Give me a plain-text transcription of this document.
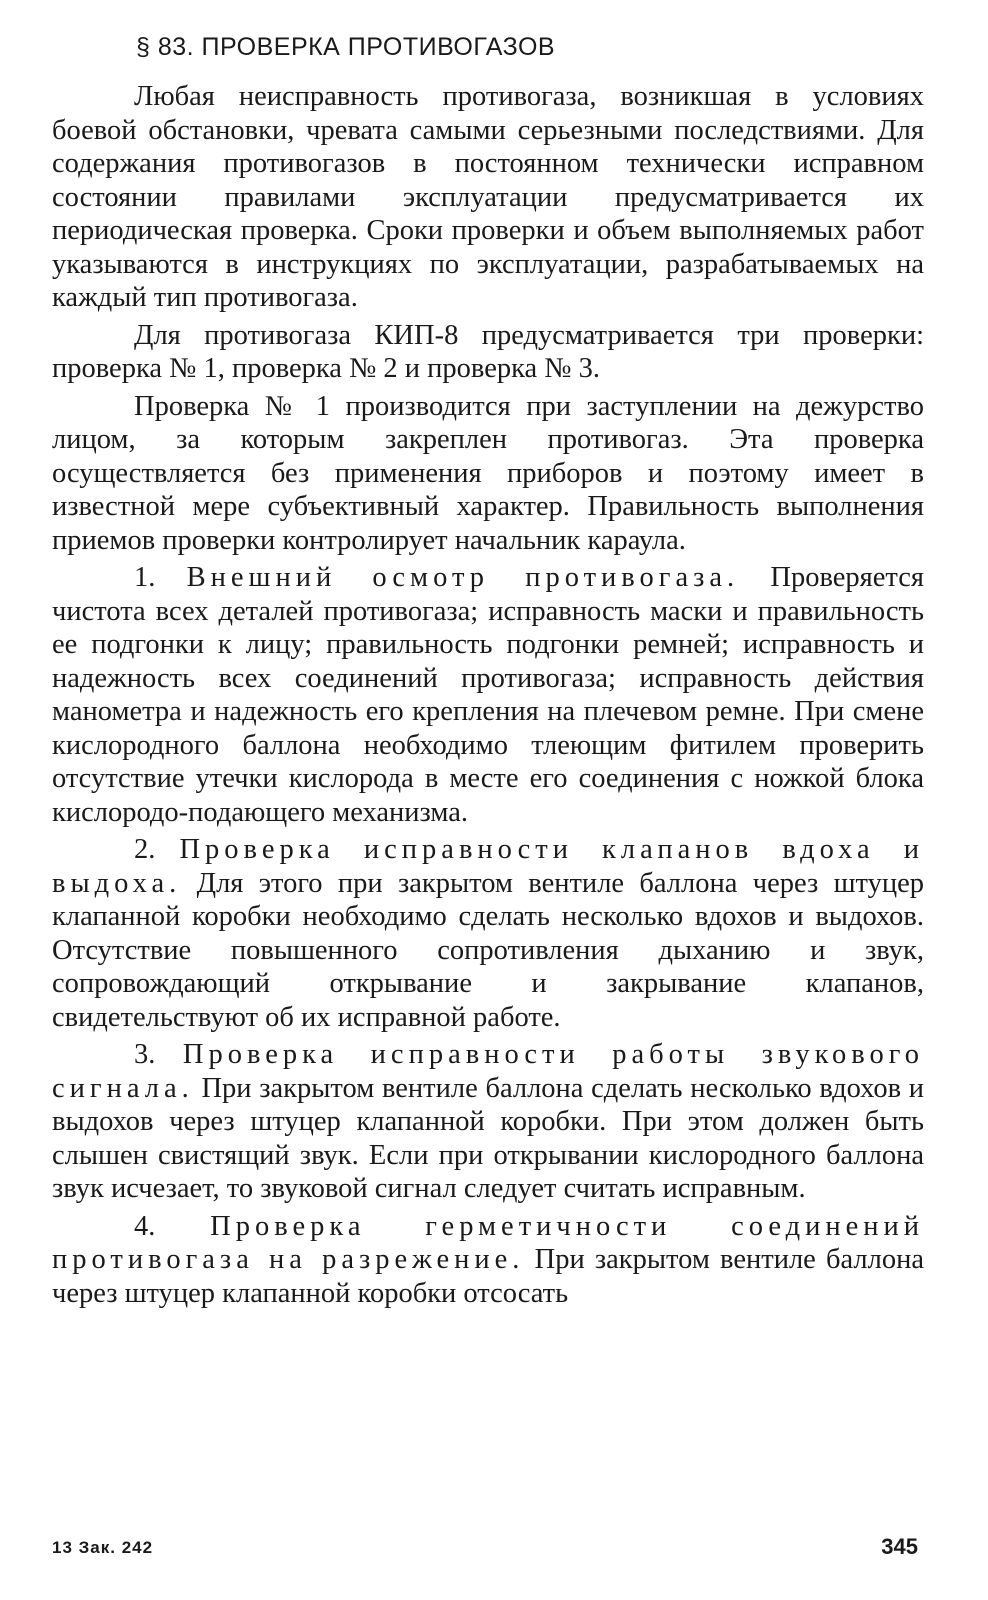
§ 83. ПРОВЕРКА ПРОТИВОГАЗОВ

Любая неисправность противогаза, возникшая в условиях боевой обстановки, чревата самыми серьезными последствиями. Для содержания противогазов в постоянном технически исправном состоянии правилами эксплуатации предусматривается их периодическая проверка. Сроки проверки и объем выполняемых работ указываются в инструкциях по эксплуатации, разрабатываемых на каждый тип противогаза.

Для противогаза КИП-8 предусматривается три проверки: проверка № 1, проверка № 2 и проверка № 3.

Проверка № 1 производится при заступлении на дежурство лицом, за которым закреплен противогаз. Эта проверка осуществляется без применения приборов и поэтому имеет в известной мере субъективный характер. Правильность выполнения приемов проверки контролирует начальник караула.

1. Внешний осмотр противогаза. Проверяется чистота всех деталей противогаза; исправность маски и правильность ее подгонки к лицу; правильность подгонки ремней; исправность и надежность всех соединений противогаза; исправность действия манометра и надежность его крепления на плечевом ремне. При смене кислородного баллона необходимо тлеющим фитилем проверить отсутствие утечки кислорода в месте его соединения с ножкой блока кислородо-подающего механизма.

2. Проверка исправности клапанов вдоха и выдоха. Для этого при закрытом вентиле баллона через штуцер клапанной коробки необходимо сделать несколько вдохов и выдохов. Отсутствие повышенного сопротивления дыханию и звук, сопровождающий открывание и закрывание клапанов, свидетельствуют об их исправной работе.

3. Проверка исправности работы звукового сигнала. При закрытом вентиле баллона сделать несколько вдохов и выдохов через штуцер клапанной коробки. При этом должен быть слышен свистящий звук. Если при открывании кислородного баллона звук исчезает, то звуковой сигнал следует считать исправным.

4. Проверка герметичности соединений противогаза на разрежение. При закрытом вентиле баллона через штуцер клапанной коробки отсосать

13 Зак. 242	345
